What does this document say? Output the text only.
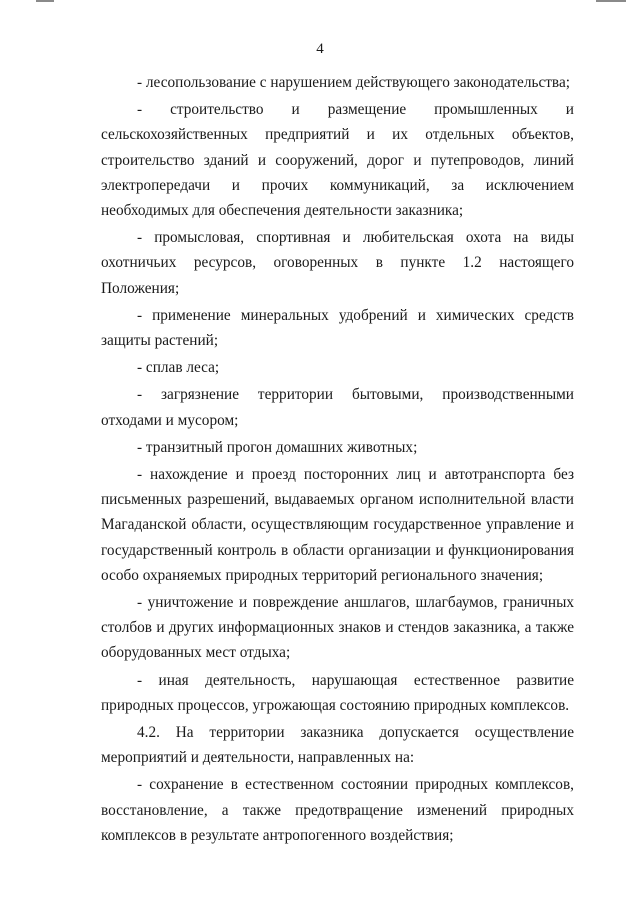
4

- лесопользование с нарушением действующего законодательства;

- строительство и размещение промышленных и сельскохозяйственных предприятий и их отдельных объектов, строительство зданий и сооружений, дорог и путепроводов, линий электропередачи и прочих коммуникаций, за исключением необходимых для обеспечения деятельности заказника;

- промысловая, спортивная и любительская охота на виды охотничьих ресурсов, оговоренных в пункте 1.2 настоящего Положения;

- применение минеральных удобрений и химических средств защиты растений;

- сплав леса;

- загрязнение территории бытовыми, производственными отходами и мусором;

- транзитный прогон домашних животных;

- нахождение и проезд посторонних лиц и автотранспорта без письменных разрешений, выдаваемых органом исполнительной власти Магаданской области, осуществляющим государственное управление и государственный контроль в области организации и функционирования особо охраняемых природных территорий регионального значения;

- уничтожение и повреждение аншлагов, шлагбаумов, граничных столбов и других информационных знаков и стендов заказника, а также оборудованных мест отдыха;

- иная деятельность, нарушающая естественное развитие природных процессов, угрожающая состоянию природных комплексов.

4.2. На территории заказника допускается осуществление мероприятий и деятельности, направленных на:

- сохранение в естественном состоянии природных комплексов, восстановление, а также предотвращение изменений природных комплексов в результате антропогенного воздействия;
